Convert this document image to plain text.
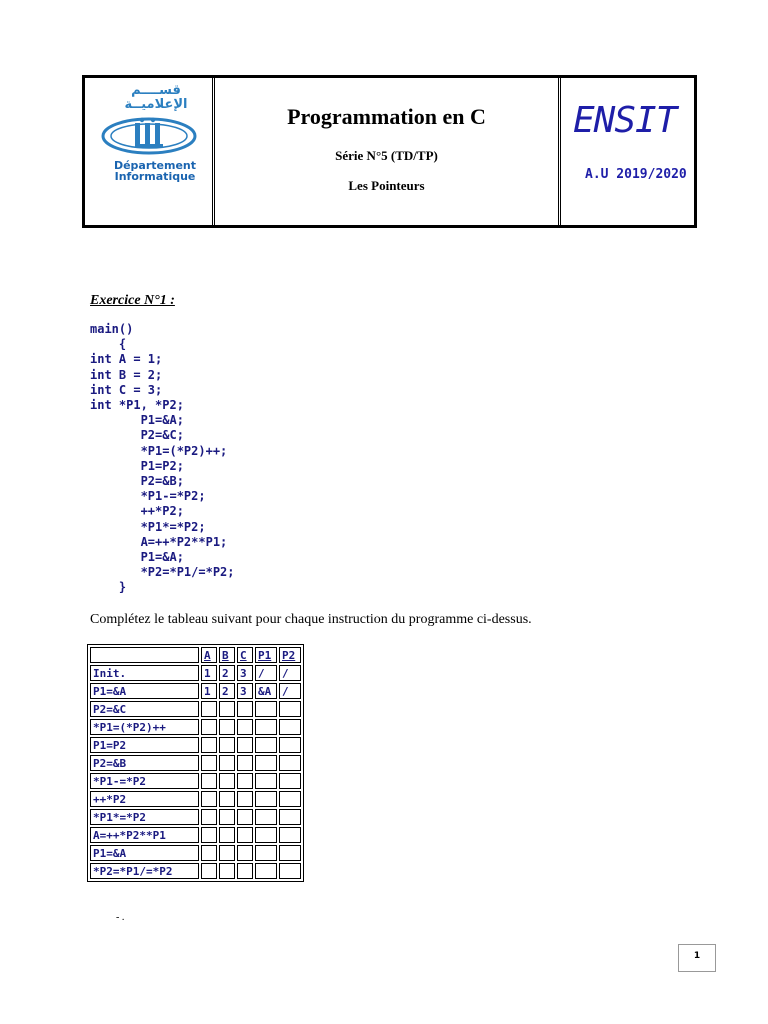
قســــم
الإعلاميــة
Département
Informatique
Programmation en C
Série N°5 (TD/TP)
Les Pointeurs
ENSIT
A.U 2019/2020
Exercice N°1 :
main()
{
int A = 1;
int B = 2;
int C = 3;
int *P1, *P2;
P1=&A;
P2=&C;
*P1=(*P2)++;
P1=P2;
P2=&B;
*P1-=*P2;
++*P2;
*P1*=*P2;
A=++*P2**P1;
P1=&A;
*P2=*P1/=*P2;
}
Complétez le tableau suivant pour chaque instruction du programme ci-dessus.
	A	B	C	P1	P2
Init.	1	2	3	/	/
P1=&A	1	2	3	&A	/
P2=&C					
*P1=(*P2)++					
P1=P2					
P2=&B					
*P1-=*P2					
++*P2					
*P1*=*P2					
A=++*P2**P1					
P1=&A					
*P2=*P1/=*P2					
- .
1
